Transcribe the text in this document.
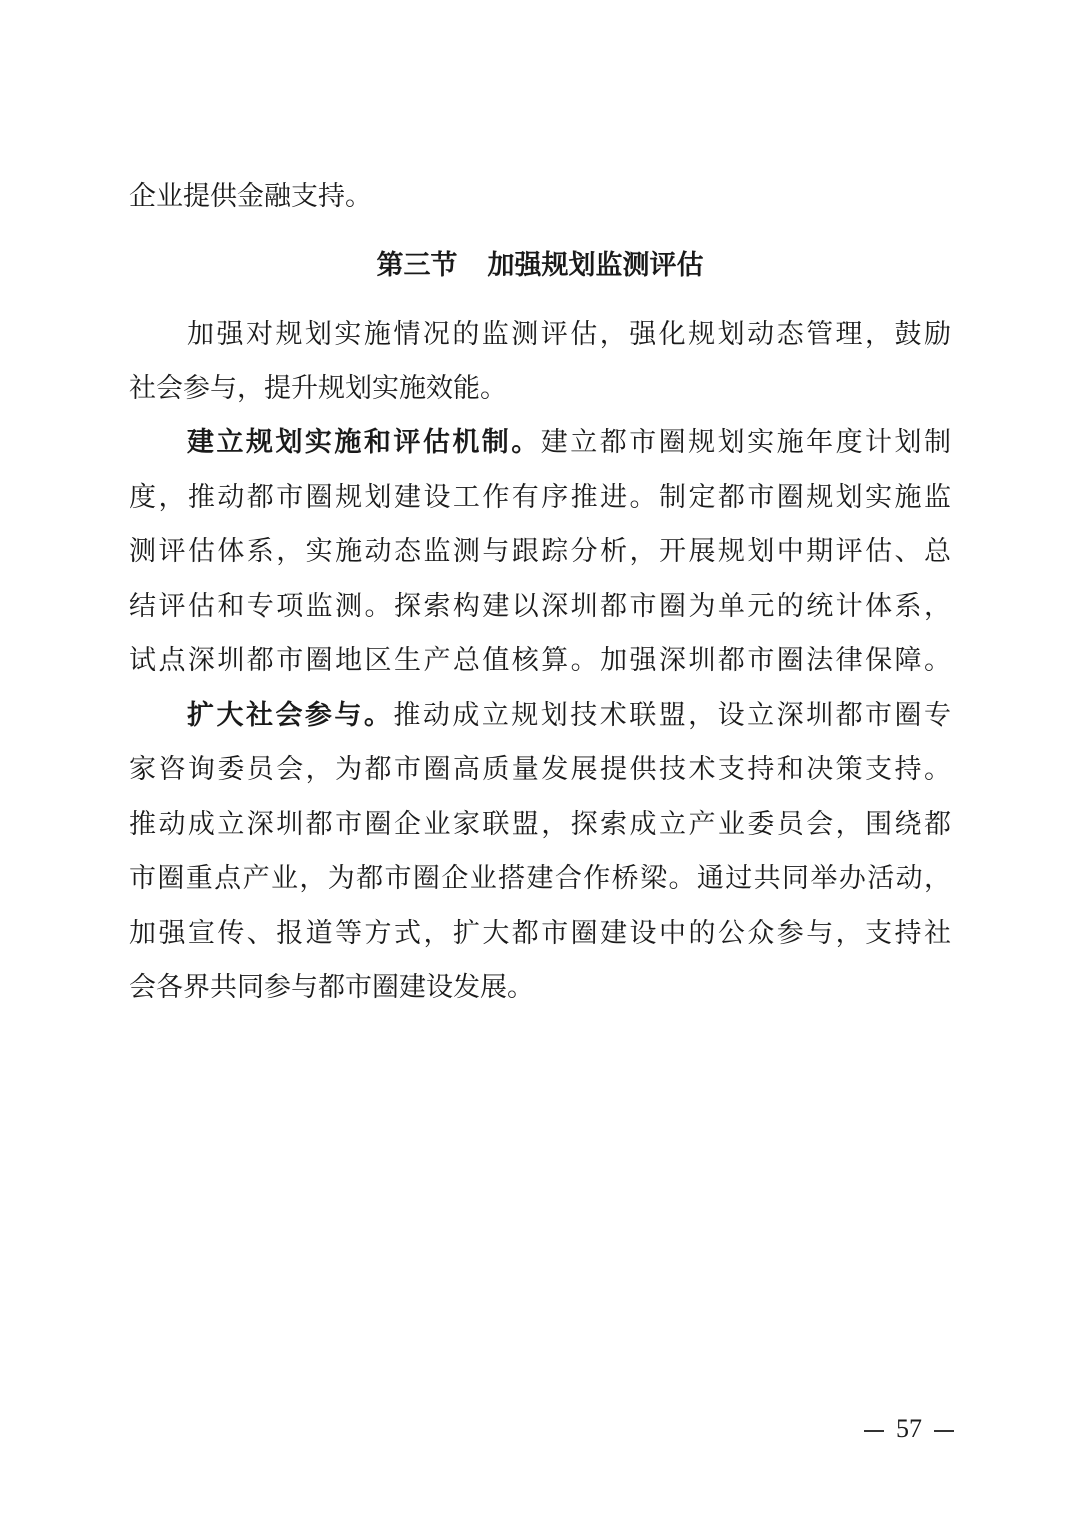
企业提供金融支持。
第三节 加强规划监测评估
加强对规划实施情况的监测评估，强化规划动态管理，鼓励
社会参与，提升规划实施效能。
建立规划实施和评估机制。建立都市圈规划实施年度计划制
度，推动都市圈规划建设工作有序推进。制定都市圈规划实施监
测评估体系，实施动态监测与跟踪分析，开展规划中期评估、总
结评估和专项监测。探索构建以深圳都市圈为单元的统计体系，
试点深圳都市圈地区生产总值核算。加强深圳都市圈法律保障。
扩大社会参与。推动成立规划技术联盟，设立深圳都市圈专
家咨询委员会，为都市圈高质量发展提供技术支持和决策支持。
推动成立深圳都市圈企业家联盟，探索成立产业委员会，围绕都
市圈重点产业，为都市圈企业搭建合作桥梁。通过共同举办活动，
加强宣传、报道等方式，扩大都市圈建设中的公众参与，支持社
会各界共同参与都市圈建设发展。
57
